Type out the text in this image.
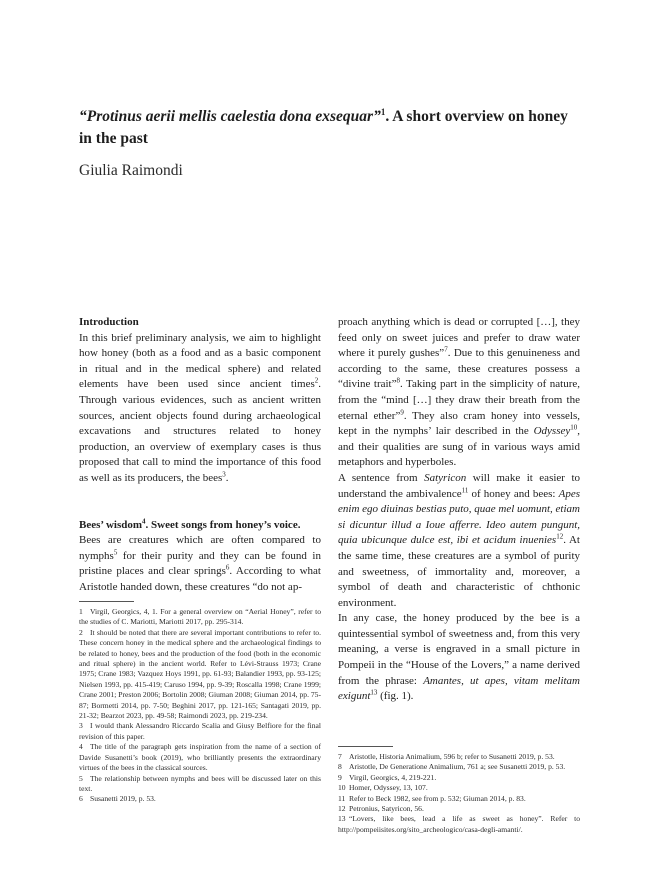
“Protinus aerii mellis caelestia dona exsequar”$^1$. A short overview on honey in the past
Giulia Raimondi

Introduction

In this brief preliminary analysis, we aim to highlight how honey (both as a food and as a basic component in ritual and in the medical sphere) and related elements have been used since ancient times$^2$. Through various evidences, such as ancient written sources, ancient objects found during archaeological excavations and structures related to honey production, an overview of exemplary cases is thus proposed that call to mind the importance of this food as well as its producers, the bees$^3$.

Bees’ wisdom$^4$. Sweet songs from honey’s voice.

Bees are creatures which are often compared to nymphs$^5$ for their purity and they can be found in pristine places and clear springs$^6$. According to what Aristotle handed down, these creatures “do not ap-

proach anything which is dead or corrupted […], they feed only on sweet juices and prefer to draw water where it purely gushes”$^7$. Due to this genuineness and according to the same, these creatures possess a “divine trait”$^8$. Taking part in the simplicity of nature, from the “mind […] they draw their breath from the eternal ether”$^9$. They also cram honey into vessels, kept in the nymphs’ lair described in the Odyssey$^{10}$, and their qualities are sung of in various ways amid metaphors and hyperboles.

A sentence from Satyricon will make it easier to understand the ambivalence$^{11}$ of honey and bees: Apes enim ego diuinas bestias puto, quae mel uomunt, etiam si dicuntur illud a Ioue afferre. Ideo autem pungunt, quia ubicunque dulce est, ibi et acidum inuenies$^{12}$. At the same time, these creatures are a symbol of purity and sweetness, of immortality and, moreover, a symbol of death and characteristic of chthonic environment.

In any case, the honey produced by the bee is a quintessential symbol of sweetness and, from this very meaning, a verse is engraved in a small picture in Pompeii in the “House of the Lovers,” a name derived from the phrase: Amantes, ut apes, vitam melitam exigunt$^{13}$ (fig. 1).

1 Virgil, Georgics, 4, 1. For a general overview on “Aerial Honey”, refer to the studies of C. Mariotti, Mariotti 2017, pp. 295-314.

2 It should be noted that there are several important contributions to refer to. These concern honey in the medical sphere and the archaeological findings to be related to honey, bees and the production of the food (both in the economic and ritual sphere) in the ancient world. Refer to Lévi-Strauss 1973; Crane 1975; Crane 1983; Vazquez Hoys 1991, pp. 61-93; Balandier 1993, pp. 93-125; Nielsen 1993, pp. 415-419; Caruso 1994, pp. 9-39; Roscalla 1998; Crane 1999; Crane 2001; Preston 2006; Bortolin 2008; Giuman 2008; Giuman 2014, pp. 75-87; Bormetti 2014, pp. 7-50; Beghini 2017, pp. 121-165; Santagati 2019, pp. 21-32; Bearzot 2023, pp. 49-58; Raimondi 2023, pp. 219-234.

3 I would thank Alessandro Riccardo Scalia and Giusy Belfiore for the final revision of this paper.

4 The title of the paragraph gets inspiration from the name of a section of Davide Susanetti’s book (2019), who brilliantly presents the extraordinary virtues of the bees in the classical sources.

5 The relationship between nymphs and bees will be discussed later on this text.

6 Susanetti 2019, p. 53.

7 Aristotle, Historia Animalium, 596 b; refer to Susanetti 2019, p. 53.

8 Aristotle, De Generatione Animalium, 761 a; see Susanetti 2019, p. 53.

9 Virgil, Georgics, 4, 219-221.

10 Homer, Odyssey, 13, 107.

11 Refer to Beck 1982, see from p. 532; Giuman 2014, p. 83.

12 Petronius, Satyricon, 56.

13 “Lovers, like bees, lead a life as sweet as honey”. Refer to http://pompeiisites.org/sito_archeologico/casa-degli-amanti/.
